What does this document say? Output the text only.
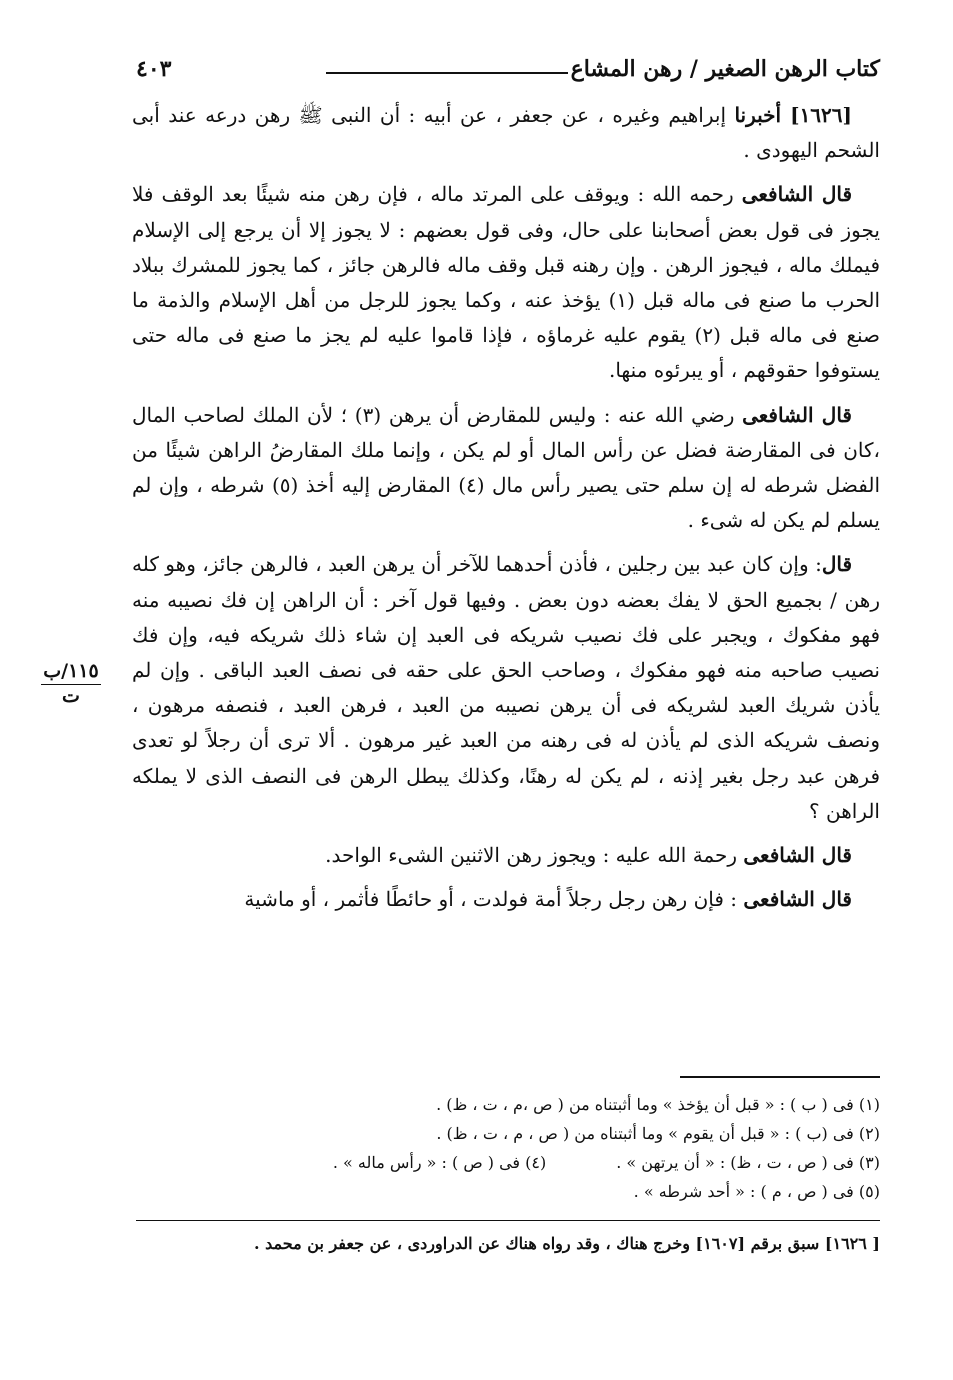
كتاب الرهن الصغير / رهن المشاع
٤٠٣

[١٦٢٦] أخبرنا إبراهيم وغيره ، عن جعفر ، عن أبيه : أن النبى ﷺ رهن درعه عند أبى الشحم اليهودى .

قال الشافعى رحمه الله : ويوقف على المرتد ماله ، فإن رهن منه شيئًا بعد الوقف فلا يجوز فى قول بعض أصحابنا على حال، وفى قول بعضهم : لا يجوز إلا أن يرجع إلى الإسلام فيملك ماله ، فيجوز الرهن . وإن رهنه قبل وقف ماله فالرهن جائز ، كما يجوز للمشرك ببلاد الحرب ما صنع فى ماله قبل (١) يؤخذ عنه ، وكما يجوز للرجل من أهل الإسلام والذمة ما صنع فى ماله قبل (٢) يقوم عليه غرماؤه ، فإذا قاموا عليه لم يجز ما صنع فى ماله حتى يستوفوا حقوقهم ، أو يبرئوه منها.

قال الشافعى رضي الله عنه : وليس للمقارض أن يرهن (٣) ؛ لأن الملك لصاحب المال ،كان فى المقارضة فضل عن رأس المال أو لم يكن ، وإنما ملك المقارضُ الراهن شيئًا من الفضل شرطه له إن سلم حتى يصير رأس مال (٤) المقارض إليه أخذ (٥) شرطه ، وإن لم يسلم لم يكن له شىء .

قال: وإن كان عبد بين رجلين ، فأذن أحدهما للآخر أن يرهن العبد ، فالرهن جائز، وهو كله رهن / بجميع الحق لا يفك بعضه دون بعض . وفيها قول آخر : أن الراهن إن فك نصيبه منه فهو مفكوك ، ويجبر على فك نصيب شريكه فى العبد إن شاء ذلك شريكه فيه، وإن فك نصيب صاحبه منه فهو مفكوك ، وصاحب الحق على حقه فى نصف العبد الباقى . وإن لم يأذن شريك العبد لشريكه فى أن يرهن نصيبه من العبد ، فرهن العبد ، فنصفه مرهون ، ونصف شريكه الذى لم يأذن له فى رهنه من العبد غير مرهون . ألا ترى أن رجلاً لو تعدى فرهن عبد رجل بغير إذنه ، لم يكن له رهنًا، وكذلك يبطل الرهن فى النصف الذى لا يملكه الراهن ؟

قال الشافعى رحمة الله عليه : ويجوز رهن الاثنين الشىء الواحد.

قال الشافعى : فإن رهن رجل رجلاً أمة فولدت ، أو حائطًا فأثمر ، أو ماشية

١١٥/ب
ت
(١) فى ( ب ) : « قبل أن يؤخذ » وما أثبتناه من ( ص ،م ، ت ، ظ) .
(٢) فى (ب ) : « قبل أن يقوم » وما أثبتناه من ( ص ، م ، ت ، ظ) .
(٣) فى ( ص ، ت ، ظ) : « أن يرتهن » .
(٤) فى ( ص ) : « رأس ماله » .
(٥) فى ( ص ، م ) : « أحد شرطه » .
[ ١٦٢٦] سبق برقم [١٦٠٧] وخرج هناك ، وقد رواه هناك عن الدراوردى ، عن جعفر بن محمد .
